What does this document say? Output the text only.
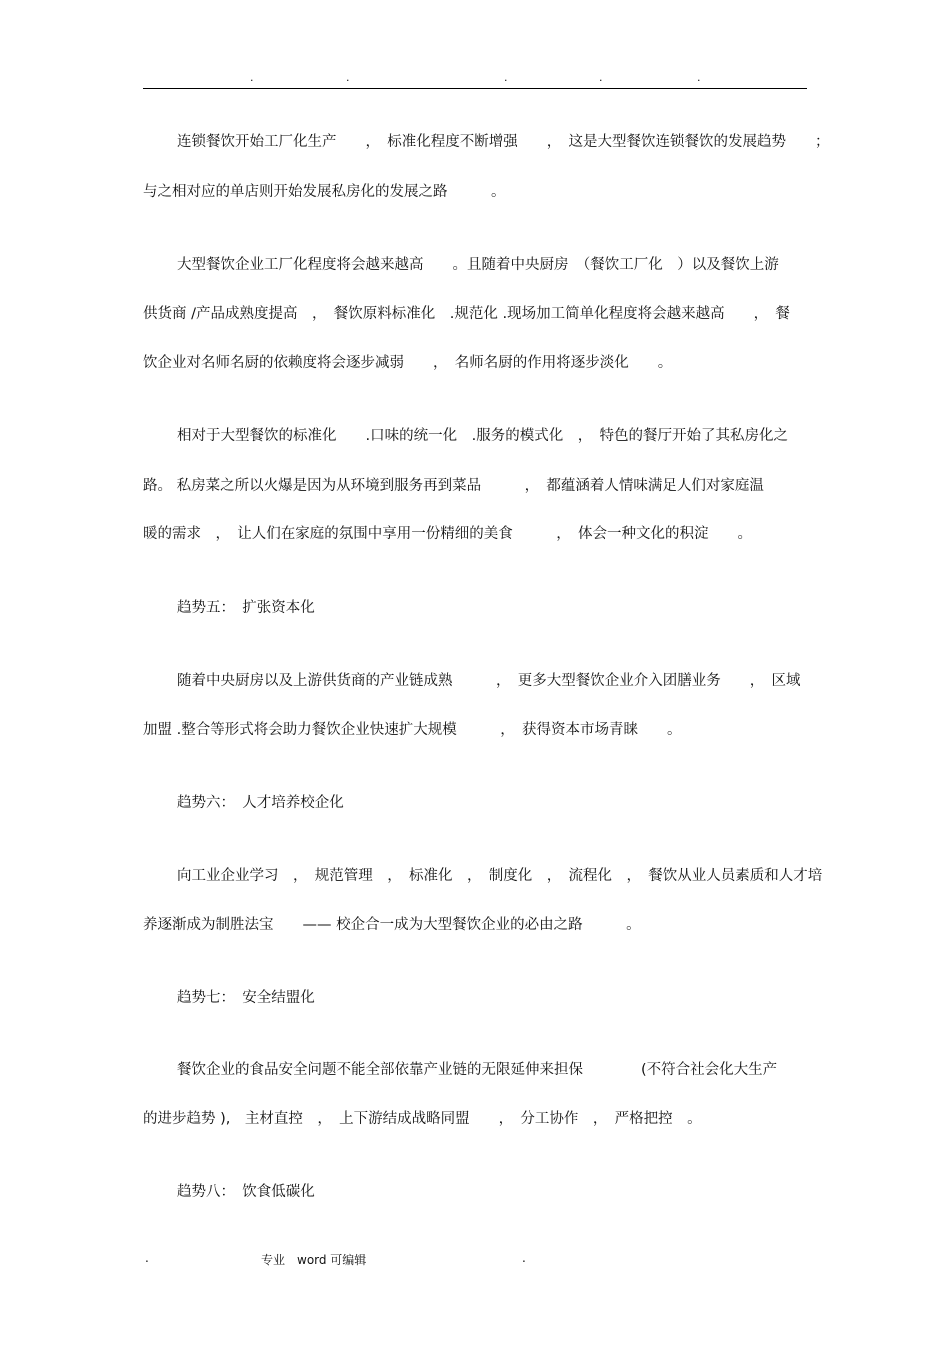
.	.	.	.	.
连锁餐饮开始工厂化生产　　，　标准化程度不断增强　　，　这是大型餐饮连锁餐饮的发展趋势　　；
与之相对应的单店则开始发展私房化的发展之路　　　。
大型餐饮企业工厂化程度将会越来越高　　。且随着中央厨房　（餐饮工厂化　）以及餐饮上游
供货商 /产品成熟度提高　，　餐饮原料标准化　.规范化 .现场加工简单化程度将会越来越高　　，　餐
饮企业对名师名厨的依赖度将会逐步减弱　　，　名师名厨的作用将逐步淡化　　。
相对于大型餐饮的标准化　　.口味的统一化　.服务的模式化　，　特色的餐厅开始了其私房化之
路。 私房菜之所以火爆是因为从环境到服务再到菜品　　　，　都蕴涵着人情味满足人们对家庭温
暖的需求　，　让人们在家庭的氛围中享用一份精细的美食　　　，　体会一种文化的积淀　　。
趋势五：　扩张资本化
随着中央厨房以及上游供货商的产业链成熟　　　，　更多大型餐饮企业介入团膳业务　　，　区域
加盟 .整合等形式将会助力餐饮企业快速扩大规模　　　，　获得资本市场青睐　　。
趋势六：　人才培养校企化
向工业企业学习　，　规范管理　，　标准化　，　制度化　，　流程化　，　餐饮从业人员素质和人才培
养逐渐成为制胜法宝　　—— 校企合一成为大型餐饮企业的必由之路　　　。
趋势七：　安全结盟化
餐饮企业的食品安全问题不能全部依靠产业链的无限延伸来担保　　　　(不符合社会化大生产
的进步趋势 ),　主材直控　，　上下游结成战略同盟　　，　分工协作　，　严格把控　。
趋势八：　饮食低碳化
.	专业　word 可编辑	.
